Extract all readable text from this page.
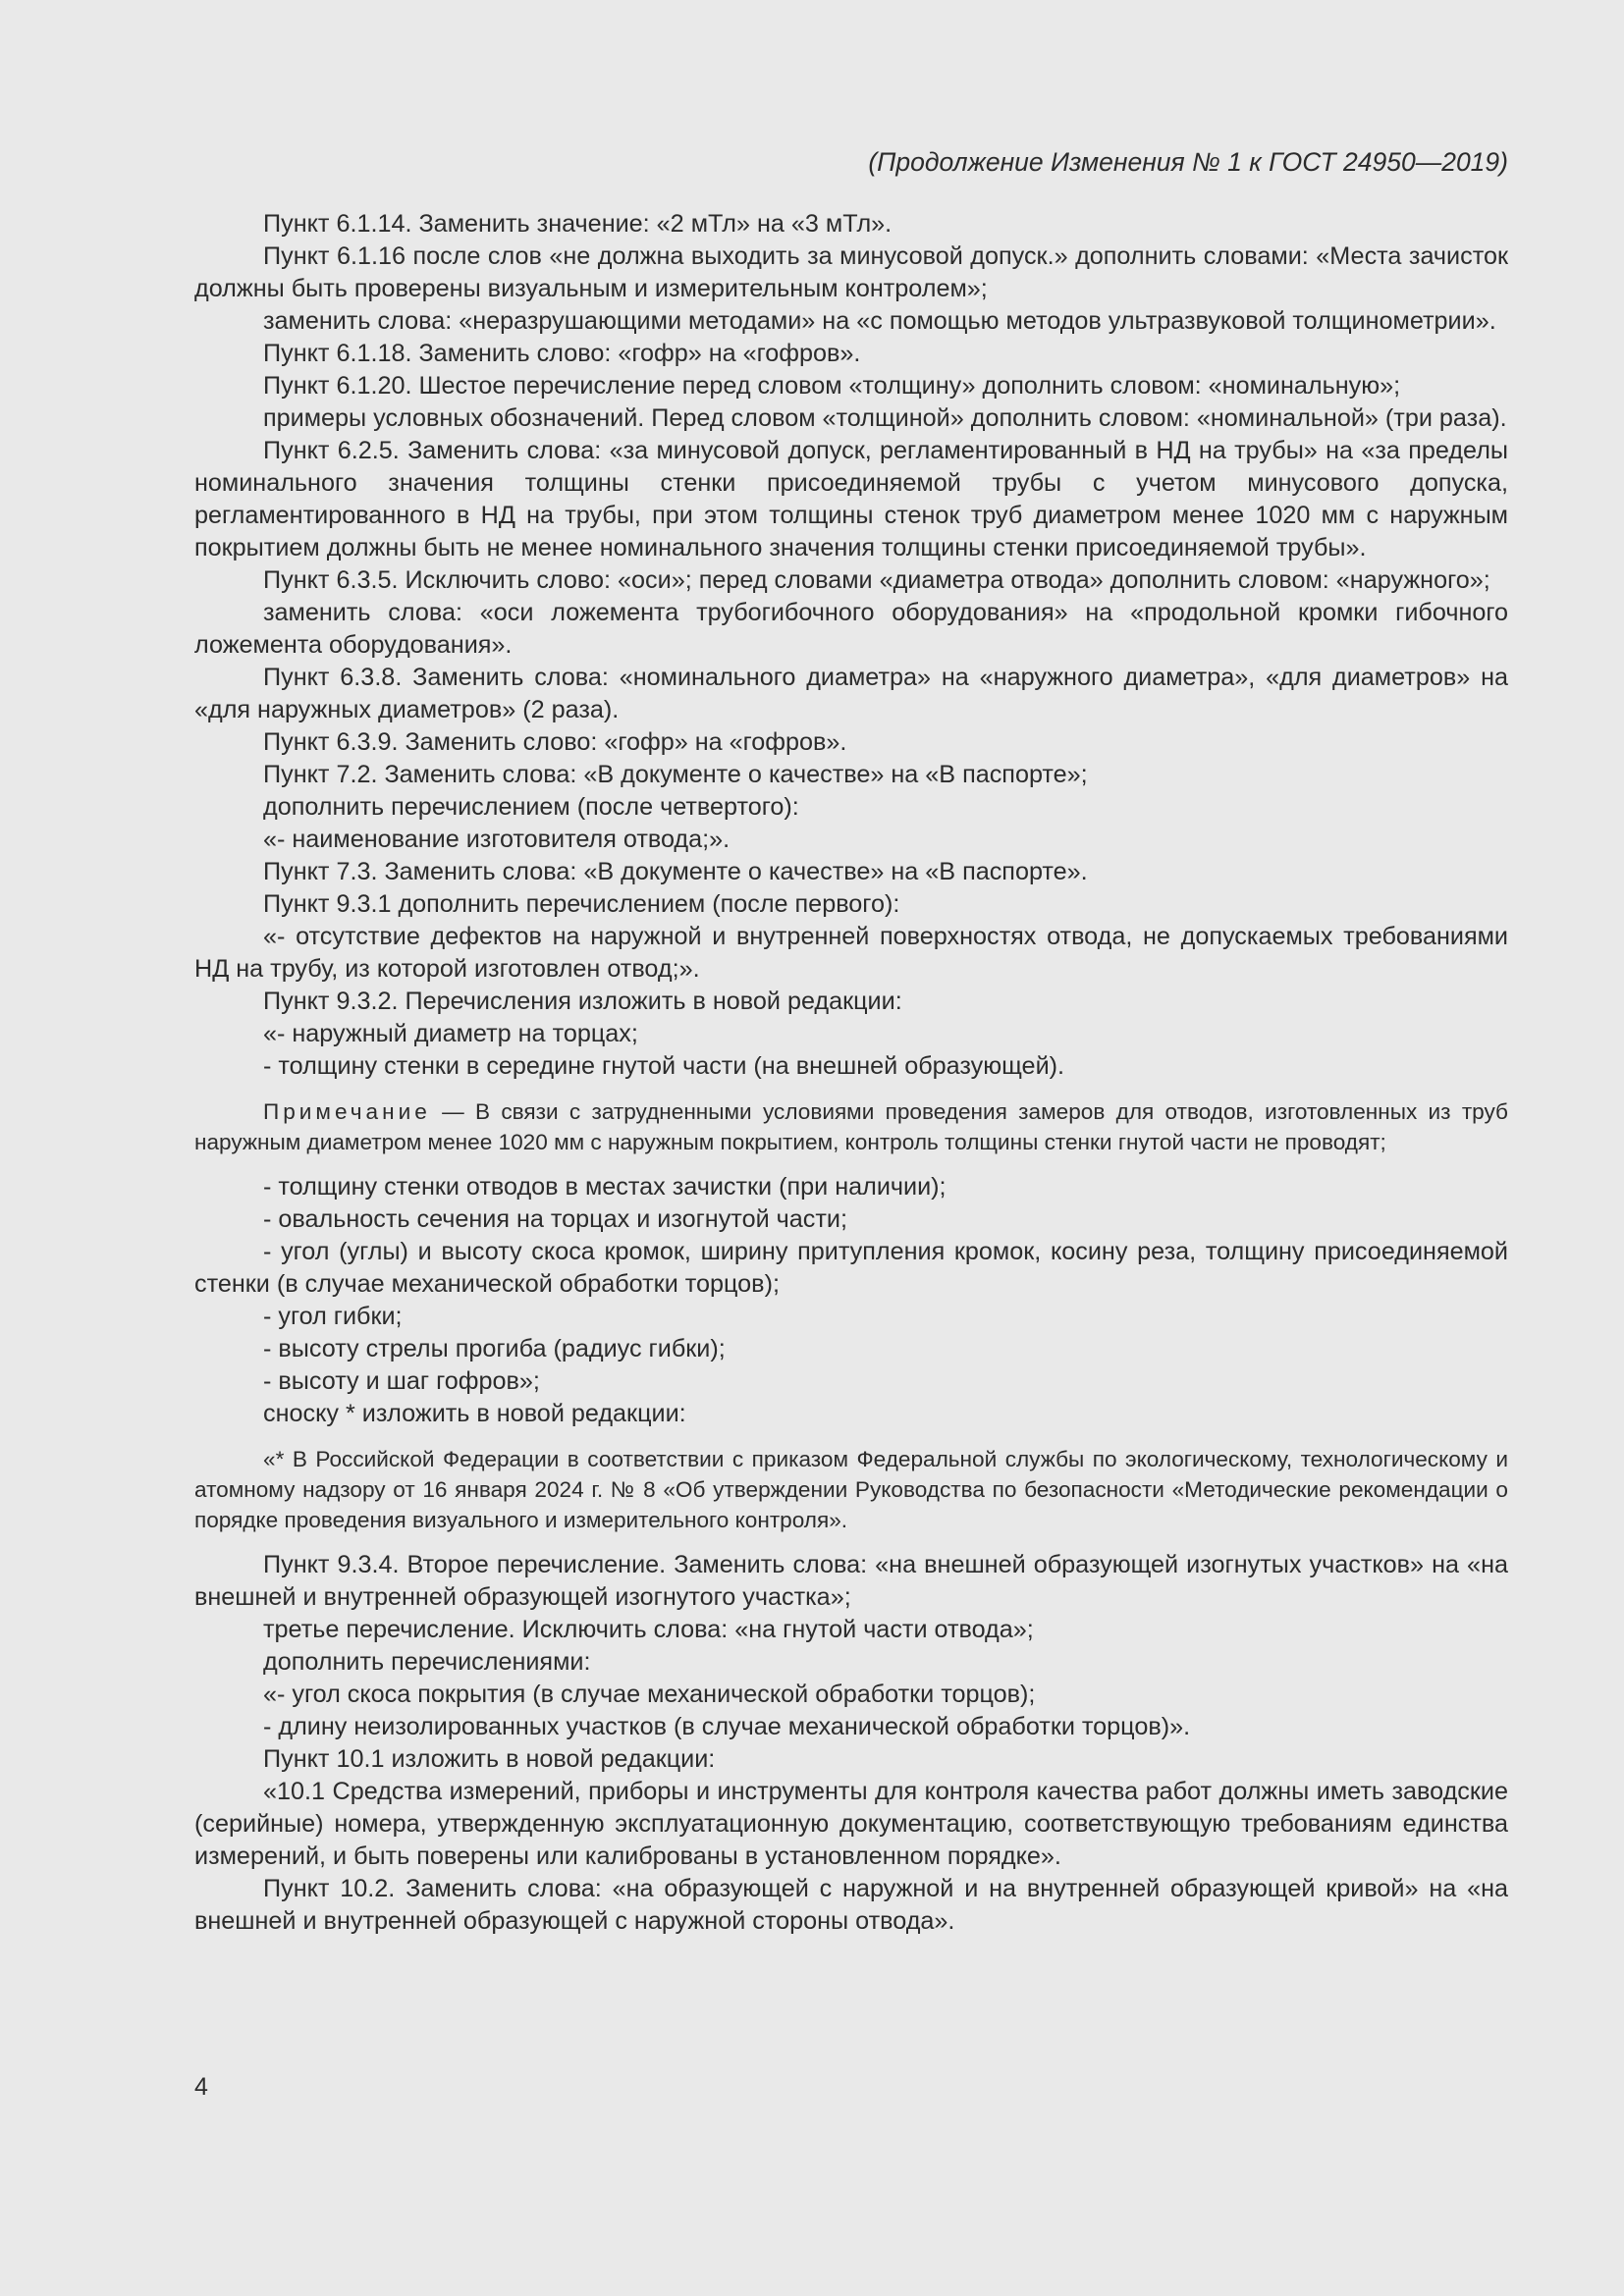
(Продолжение Изменения № 1 к ГОСТ 24950—2019)

Пункт 6.1.14. Заменить значение: «2 мТл» на «3 мТл».

Пункт 6.1.16 после слов «не должна выходить за минусовой допуск.» дополнить словами: «Места зачисток должны быть проверены визуальным и измерительным контролем»;

заменить слова: «неразрушающими методами» на «с помощью методов ультразвуковой толщинометрии».

Пункт 6.1.18. Заменить слово: «гофр» на «гофров».

Пункт 6.1.20. Шестое перечисление перед словом «толщину» дополнить словом: «номинальную»;

примеры условных обозначений. Перед словом «толщиной» дополнить словом: «номинальной» (три раза).

Пункт 6.2.5. Заменить слова: «за минусовой допуск, регламентированный в НД на трубы» на «за пределы номинального значения толщины стенки присоединяемой трубы с учетом минусового допуска, регламентированного в НД на трубы, при этом толщины стенок труб диаметром менее 1020 мм с наружным покрытием должны быть не менее номинального значения толщины стенки присоединяемой трубы».

Пункт 6.3.5. Исключить слово: «оси»; перед словами «диаметра отвода» дополнить словом: «наружного»;

заменить слова: «оси ложемента трубогибочного оборудования» на «продольной кромки гибочного ложемента оборудования».

Пункт 6.3.8. Заменить слова: «номинального диаметра» на «наружного диаметра», «для диаметров» на «для наружных диаметров» (2 раза).

Пункт 6.3.9. Заменить слово: «гофр» на «гофров».

Пункт 7.2. Заменить слова: «В документе о качестве» на «В паспорте»;

дополнить перечислением (после четвертого):

«- наименование изготовителя отвода;».

Пункт 7.3. Заменить слова: «В документе о качестве» на «В паспорте».

Пункт 9.3.1 дополнить перечислением (после первого):

«- отсутствие дефектов на наружной и внутренней поверхностях отвода, не допускаемых требованиями НД на трубу, из которой изготовлен отвод;».

Пункт 9.3.2. Перечисления изложить в новой редакции:

«- наружный диаметр на торцах;

- толщину стенки в середине гнутой части (на внешней образующей).

Примечание — В связи с затрудненными условиями проведения замеров для отводов, изготовленных из труб наружным диаметром менее 1020 мм с наружным покрытием, контроль толщины стенки гнутой части не проводят;

- толщину стенки отводов в местах зачистки (при наличии);

- овальность сечения на торцах и изогнутой части;

- угол (углы) и высоту скоса кромок, ширину притупления кромок, косину реза, толщину присоединяемой стенки (в случае механической обработки торцов);

- угол гибки;

- высоту стрелы прогиба (радиус гибки);

- высоту и шаг гофров»;

сноску * изложить в новой редакции:

«* В Российской Федерации в соответствии с приказом Федеральной службы по экологическому, технологическому и атомному надзору от 16 января 2024 г. № 8 «Об утверждении Руководства по безопасности «Методические рекомендации о порядке проведения визуального и измерительного контроля».

Пункт 9.3.4. Второе перечисление. Заменить слова: «на внешней образующей изогнутых участков» на «на внешней и внутренней образующей изогнутого участка»;

третье перечисление. Исключить слова: «на гнутой части отвода»;

дополнить перечислениями:

«- угол скоса покрытия (в случае механической обработки торцов);

- длину неизолированных участков (в случае механической обработки торцов)».

Пункт 10.1 изложить в новой редакции:

«10.1 Средства измерений, приборы и инструменты для контроля качества работ должны иметь заводские (серийные) номера, утвержденную эксплуатационную документацию, соответствующую требованиям единства измерений, и быть поверены или калиброваны в установленном порядке».

Пункт 10.2. Заменить слова: «на образующей с наружной и на внутренней образующей кривой» на «на внешней и внутренней образующей с наружной стороны отвода».

4
